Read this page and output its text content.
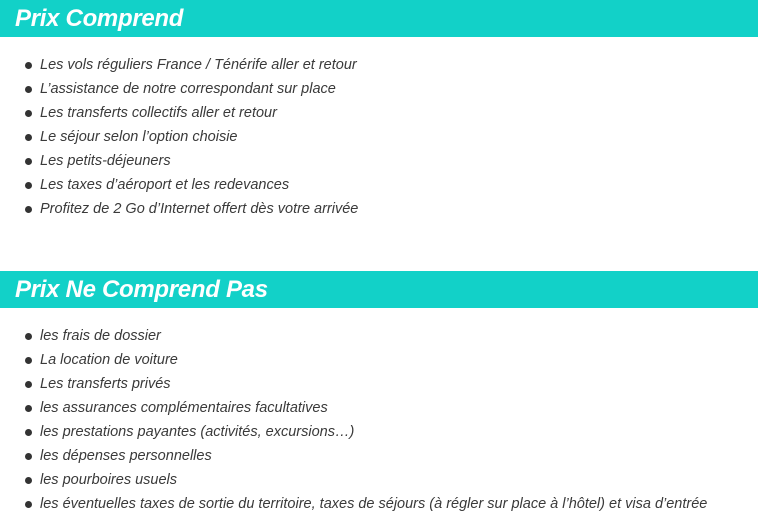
Prix Comprend
Les vols réguliers France / Ténérife aller et retour
L’assistance de notre correspondant sur place
Les transferts collectifs aller et retour
Le séjour selon l’option choisie
Les petits-déjeuners
Les taxes d’aéroport et les redevances
Profitez de 2 Go d’Internet offert dès votre arrivée
Prix Ne Comprend Pas
les frais de dossier
La location de voiture
Les transferts privés
les assurances complémentaires facultatives
les prestations payantes (activités, excursions…)
les dépenses personnelles
les pourboires usuels
les éventuelles taxes de sortie du territoire, taxes de séjours (à régler sur place à l’hôtel) et visa d’entrée
